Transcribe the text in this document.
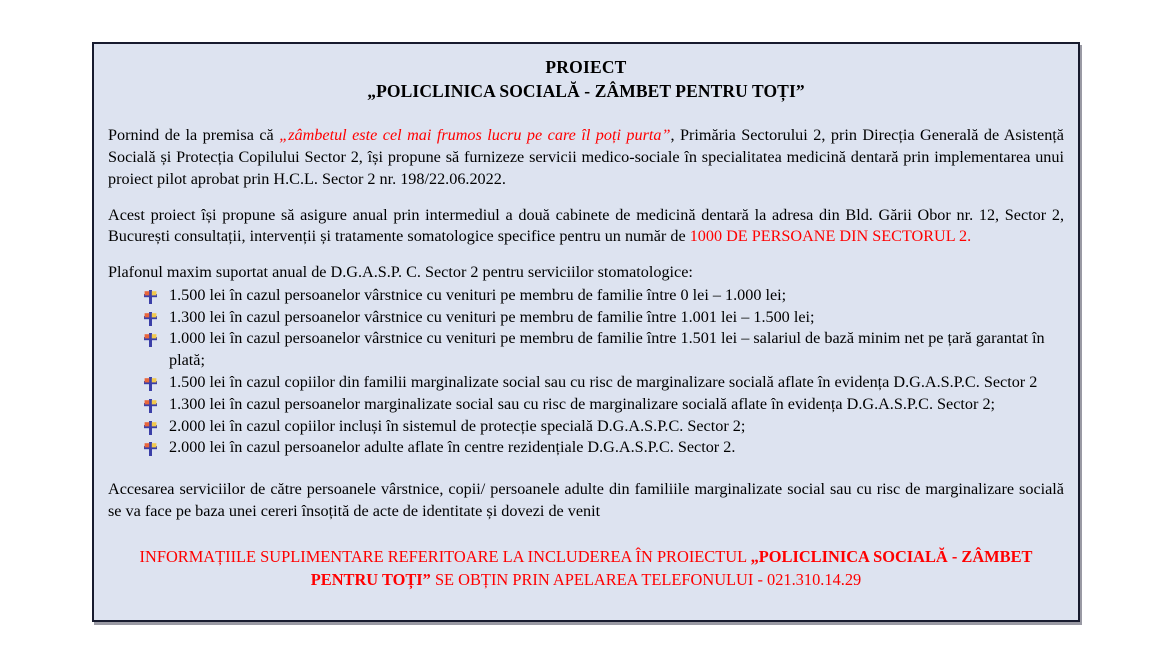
PROIECT
„POLICLINICA SOCIALĂ - ZÂMBET PENTRU TOȚI”

Pornind de la premisa că „zâmbetul este cel mai frumos lucru pe care îl poți purta”, Primăria Sectorului 2, prin Direcția Generală de Asistență Socială și Protecția Copilului Sector 2, își propune să furnizeze servicii medico-sociale în specialitatea medicină dentară prin implementarea unui proiect pilot aprobat prin H.C.L. Sector 2 nr. 198/22.06.2022.

Acest proiect își propune să asigure anual prin intermediul a două cabinete de medicină dentară la adresa din Bld. Gării Obor nr. 12, Sector 2, București consultații, intervenții și tratamente somatologice specifice pentru un număr de 1000 DE PERSOANE DIN SECTORUL 2.

Plafonul maxim suportat anual de D.G.A.S.P. C. Sector 2 pentru serviciilor stomatologice:

1.500 lei în cazul persoanelor vârstnice cu venituri pe membru de familie între 0 lei – 1.000 lei;
1.300 lei în cazul persoanelor vârstnice cu venituri pe membru de familie între 1.001 lei – 1.500 lei;
1.000 lei în cazul persoanelor vârstnice cu venituri pe membru de familie între 1.501 lei – salariul de bază minim net pe țară garantat în plată;
1.500 lei în cazul copiilor din familii marginalizate social sau cu risc de marginalizare socială aflate în evidența D.G.A.S.P.C. Sector 2
1.300 lei în cazul persoanelor marginalizate social sau cu risc de marginalizare socială aflate în evidența D.G.A.S.P.C. Sector 2;
2.000 lei în cazul copiilor incluși în sistemul de protecție specială D.G.A.S.P.C. Sector 2;
2.000 lei în cazul persoanelor adulte aflate în centre rezidențiale D.G.A.S.P.C. Sector 2.

Accesarea serviciilor de către persoanele vârstnice, copii/ persoanele adulte din familiile marginalizate social sau cu risc de marginalizare socială se va face pe baza unei cereri însoțită de acte de identitate și dovezi de venit

INFORMAȚIILE SUPLIMENTARE REFERITOARE LA INCLUDEREA ÎN PROIECTUL „POLICLINICA SOCIALĂ - ZÂMBET PENTRU TOȚI” SE OBȚIN PRIN APELAREA TELEFONULUI - 021.310.14.29
